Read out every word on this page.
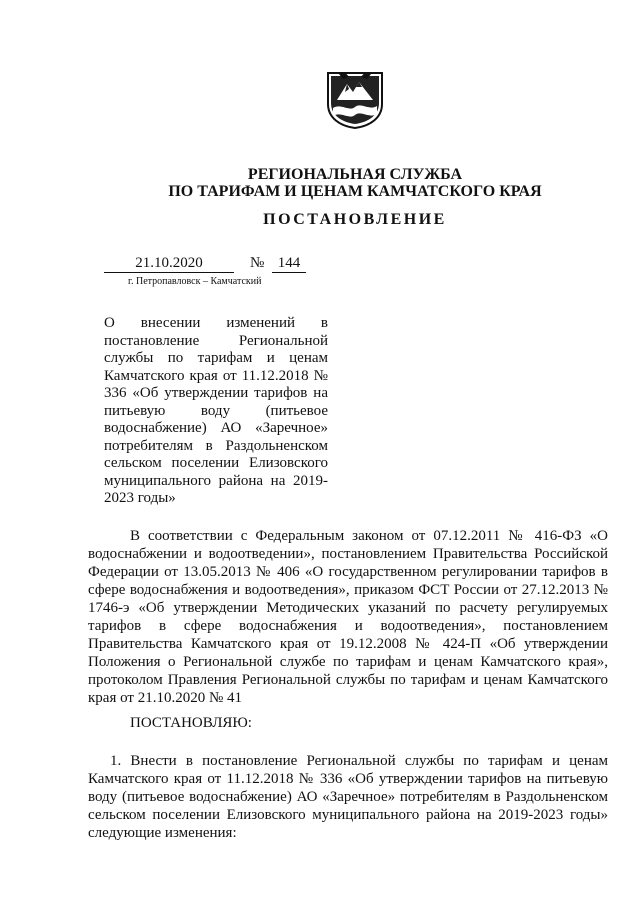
РЕГИОНАЛЬНАЯ СЛУЖБА
ПО ТАРИФАМ И ЦЕНАМ КАМЧАТСКОГО КРАЯ
ПОСТАНОВЛЕНИЕ
21.10.2020	№ 144
г. Петропавловск – Камчатский
О внесении изменений в постановление Региональной службы по тарифам и ценам Камчатского края от 11.12.2018 № 336 «Об утверждении тарифов на питьевую воду (питьевое водоснабжение) АО «Заречное» потребителям в Раздольненском сельском поселении Елизовского муниципального района на 2019-2023 годы»

В соответствии с Федеральным законом от 07.12.2011 № 416-ФЗ «О водоснабжении и водоотведении», постановлением Правительства Российской Федерации от 13.05.2013 № 406 «О государственном регулировании тарифов в сфере водоснабжения и водоотведения», приказом ФСТ России от 27.12.2013 № 1746-э «Об утверждении Методических указаний по расчету регулируемых тарифов в сфере водоснабжения и водоотведения», постановлением Правительства Камчатского края от 19.12.2008 № 424-П «Об утверждении Положения о Региональной службе по тарифам и ценам Камчатского края», протоколом Правления Региональной службы по тарифам и ценам Камчатского края от 21.10.2020 № 41

ПОСТАНОВЛЯЮ:

1. Внести в постановление Региональной службы по тарифам и ценам Камчатского края от 11.12.2018 № 336 «Об утверждении тарифов на питьевую воду (питьевое водоснабжение) АО «Заречное» потребителям в Раздольненском сельском поселении Елизовского муниципального района на 2019-2023 годы» следующие изменения:
